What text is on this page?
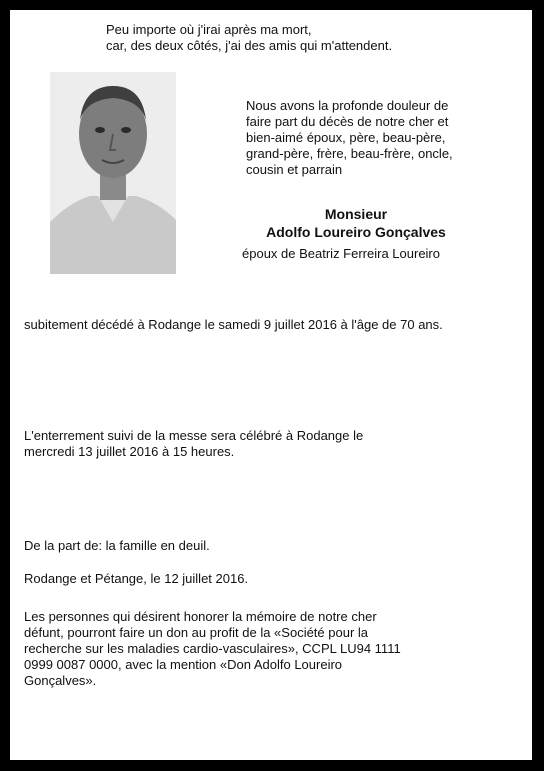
Peu importe où j'irai après ma mort,
car, des deux côtés, j'ai des amis qui m'attendent.
Nous avons la profonde douleur de
faire part du décès de notre cher et
bien-aimé époux, père, beau-père,
grand-père, frère, beau-frère, oncle,
cousin et parrain
Monsieur
Adolfo Loureiro Gonçalves
époux de Beatriz Ferreira Loureiro
subitement décédé à Rodange le samedi 9 juillet 2016 à l'âge de 70 ans.
L'enterrement suivi de la messe sera célébré à Rodange le
mercredi 13 juillet 2016 à 15 heures.
De la part de: la famille en deuil.
Rodange et Pétange, le 12 juillet 2016.
Les personnes qui désirent honorer la mémoire de notre cher
défunt, pourront faire un don au profit de la «Société pour la
recherche sur les maladies cardio-vasculaires», CCPL LU94 1111
0999 0087 0000, avec la mention «Don Adolfo Loureiro
Gonçalves».
